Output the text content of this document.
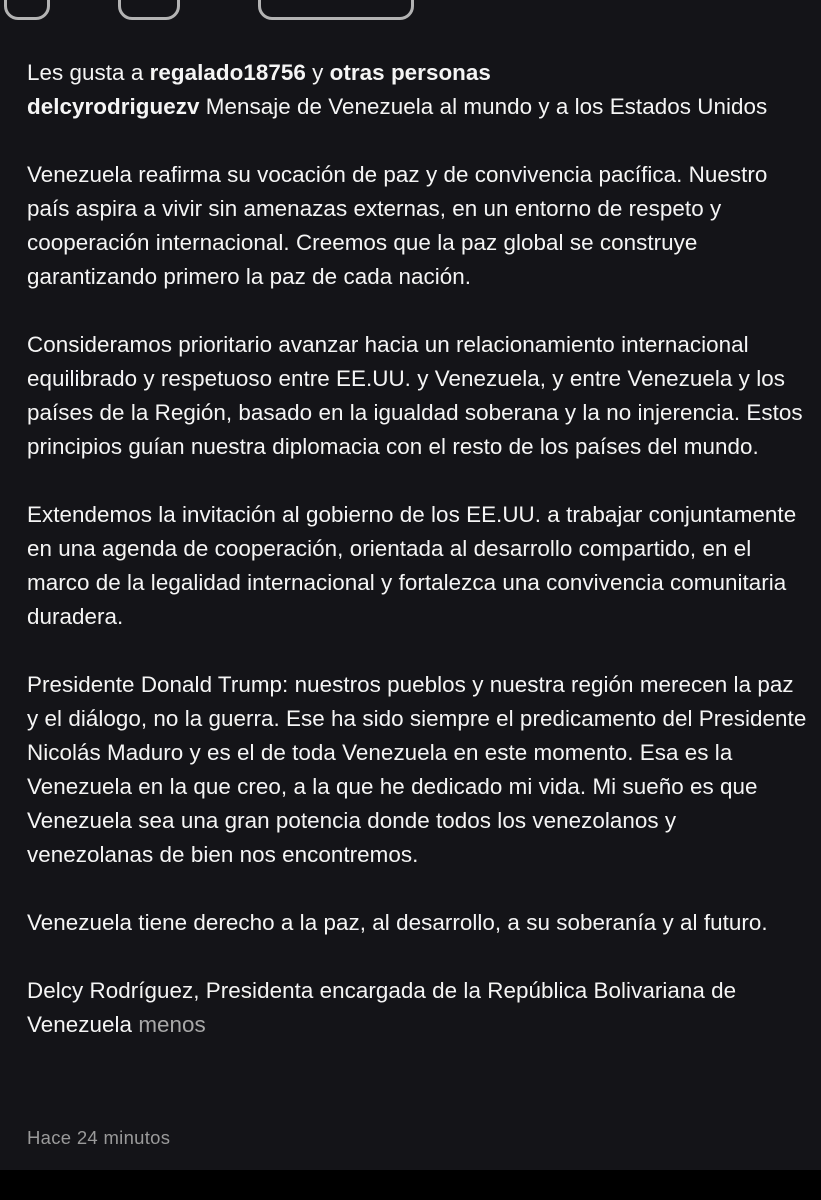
Les gusta a regalado18756 y otras personas

delcyrodriguezv Mensaje de Venezuela al mundo y a los Estados Unidos

Venezuela reafirma su vocación de paz y de convivencia pacífica. Nuestro país aspira a vivir sin amenazas externas, en un entorno de respeto y cooperación internacional. Creemos que la paz global se construye garantizando primero la paz de cada nación.

Consideramos prioritario avanzar hacia un relacionamiento internacional equilibrado y respetuoso entre EE.UU. y Venezuela, y entre Venezuela y los países de la Región, basado en la igualdad soberana y la no injerencia. Estos principios guían nuestra diplomacia con el resto de los países del mundo.

Extendemos la invitación al gobierno de los EE.UU. a trabajar conjuntamente en una agenda de cooperación, orientada al desarrollo compartido, en el marco de la legalidad internacional y fortalezca una convivencia comunitaria duradera.

Presidente Donald Trump: nuestros pueblos y nuestra región merecen la paz y el diálogo, no la guerra. Ese ha sido siempre el predicamento del Presidente Nicolás Maduro y es el de toda Venezuela en este momento. Esa es la Venezuela en la que creo, a la que he dedicado mi vida. Mi sueño es que Venezuela sea una gran potencia donde todos los venezolanos y venezolanas de bien nos encontremos.

Venezuela tiene derecho a la paz, al desarrollo, a su soberanía y al futuro.

Delcy Rodríguez, Presidenta encargada de la República Bolivariana de Venezuela menos

Hace 24 minutos
